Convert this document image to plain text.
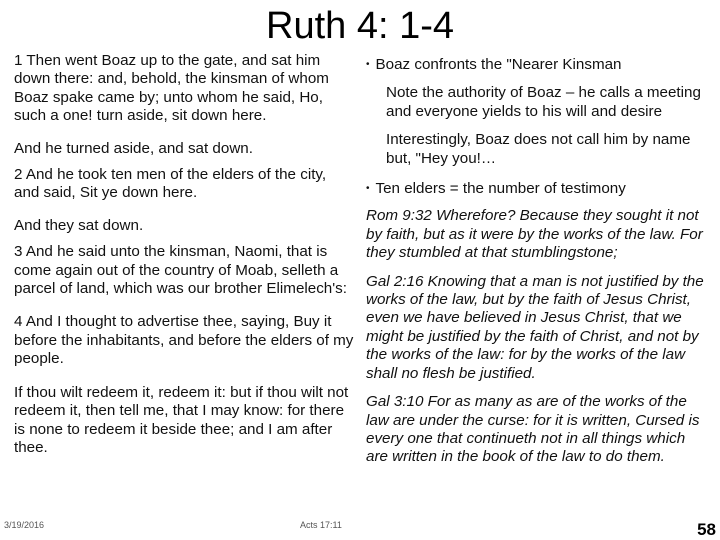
Ruth 4: 1-4

1 Then went Boaz up to the gate, and sat him down there: and, behold, the kinsman of whom Boaz spake came by; unto whom he said, Ho, such a one! turn aside, sit down here.

And he turned aside, and sat down.

2 And he took ten men of the elders of the city, and said, Sit ye down here.

And they sat down.

3 And he said unto the kinsman, Naomi, that is come again out of the country of Moab, selleth a parcel of land, which was our brother Elimelech's:

4 And I thought to advertise thee, saying, Buy it before the inhabitants, and before the elders of my people.

If thou wilt redeem it, redeem it: but if thou wilt not redeem it, then tell me, that I may know: for there is none to redeem it beside thee; and I am after thee.

• Boaz confronts the "Nearer Kinsman

Note the authority of Boaz – he calls a meeting and everyone yields to his will and desire

Interestingly, Boaz does not call him by name but, "Hey you!…

• Ten elders = the number of testimony

Rom 9:32 Wherefore? Because they sought it not by faith, but as it were by the works of the law. For they stumbled at that stumblingstone;

Gal 2:16 Knowing that a man is not justified by the works of the law, but by the faith of Jesus Christ, even we have believed in Jesus Christ, that we might be justified by the faith of Christ, and not by the works of the law: for by the works of the law shall no flesh be justified.

Gal 3:10 For as many as are of the works of the law are under the curse: for it is written, Cursed is every one that continueth not in all things which are written in the book of the law to do them.

3/19/2016	Acts 17:11	58
